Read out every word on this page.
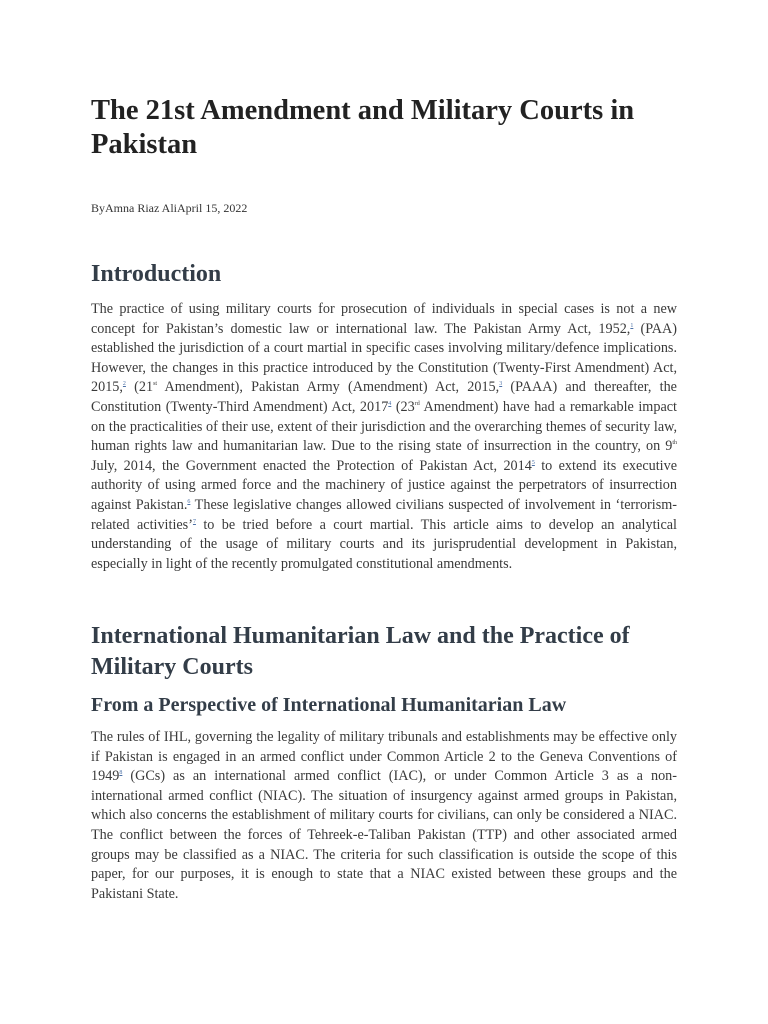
The 21st Amendment and Military Courts in Pakistan
ByAmna Riaz AliApril 15, 2022
Introduction

The practice of using military courts for prosecution of individuals in special cases is not a new concept for Pakistan’s domestic law or international law. The Pakistan Army Act, 1952,$^1$ (PAA) established the jurisdiction of a court martial in specific cases involving military/defence implications. However, the changes in this practice introduced by the Constitution (Twenty-First Amendment) Act, 2015,$^2$ (21st Amendment), Pakistan Army (Amendment) Act, 2015,$^3$ (PAAA) and thereafter, the Constitution (Twenty-Third Amendment) Act, 2017$^4$ (23rd Amendment) have had a remarkable impact on the practicalities of their use, extent of their jurisdiction and the overarching themes of security law, human rights law and humanitarian law. Due to the rising state of insurrection in the country, on 9th July, 2014, the Government enacted the Protection of Pakistan Act, 2014$^5$ to extend its executive authority of using armed force and the machinery of justice against the perpetrators of insurrection against Pakistan.$^6$ These legislative changes allowed civilians suspected of involvement in ‘terrorism-related activities’$^7$ to be tried before a court martial. This article aims to develop an analytical understanding of the usage of military courts and its jurisprudential development in Pakistan, especially in light of the recently promulgated constitutional amendments.

International Humanitarian Law and the Practice of Military Courts
From a Perspective of International Humanitarian Law

The rules of IHL, governing the legality of military tribunals and establishments may be effective only if Pakistan is engaged in an armed conflict under Common Article 2 to the Geneva Conventions of 1949$^8$ (GCs) as an international armed conflict (IAC), or under Common Article 3 as a non-international armed conflict (NIAC). The situation of insurgency against armed groups in Pakistan, which also concerns the establishment of military courts for civilians, can only be considered a NIAC. The conflict between the forces of Tehreek-e-Taliban Pakistan (TTP) and other associated armed groups may be classified as a NIAC. The criteria for such classification is outside the scope of this paper, for our purposes, it is enough to state that a NIAC existed between these groups and the Pakistani State.
